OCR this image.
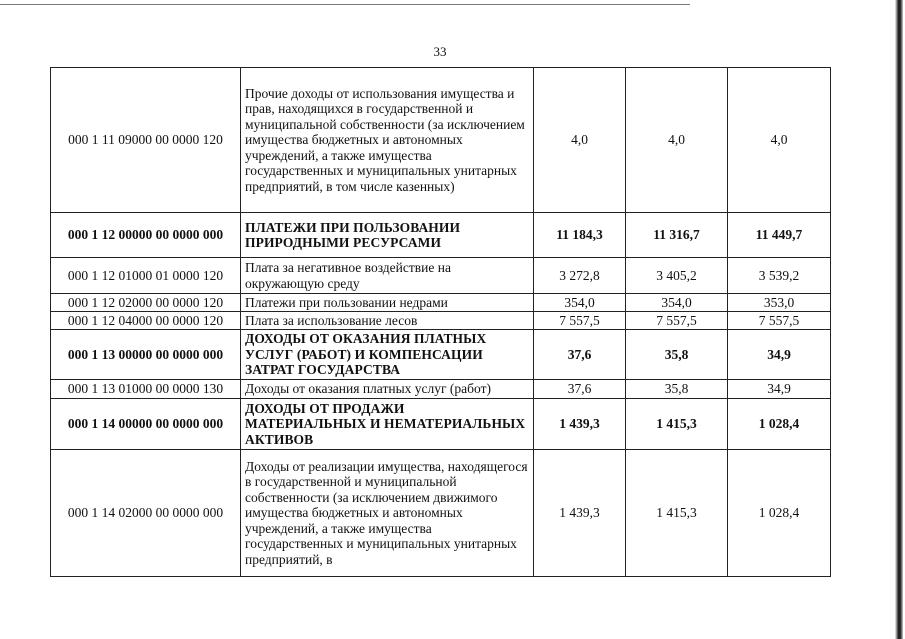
33
000 1 11 09000 00 0000 120	Прочие доходы от использования имущества и прав, находящихся в государственной и муниципальной собственности (за исключением имущества бюджетных и автономных учреждений, а также имущества государственных и муниципальных унитарных предприятий, в том числе казенных)	4,0	4,0	4,0
000 1 12 00000 00 0000 000	ПЛАТЕЖИ ПРИ ПОЛЬЗОВАНИИ ПРИРОДНЫМИ РЕСУРСАМИ	11 184,3	11 316,7	11 449,7
000 1 12 01000 01 0000 120	Плата за негативное воздействие на окружающую среду	3 272,8	3 405,2	3 539,2
000 1 12 02000 00 0000 120	Платежи при пользовании недрами	354,0	354,0	353,0
000 1 12 04000 00 0000 120	Плата за использование лесов	7 557,5	7 557,5	7 557,5
000 1 13 00000 00 0000 000	ДОХОДЫ ОТ ОКАЗАНИЯ ПЛАТНЫХ УСЛУГ (РАБОТ) И КОМПЕНСАЦИИ ЗАТРАТ ГОСУДАРСТВА	37,6	35,8	34,9
000 1 13 01000 00 0000 130	Доходы от оказания платных услуг (работ)	37,6	35,8	34,9
000 1 14 00000 00 0000 000	ДОХОДЫ ОТ ПРОДАЖИ МАТЕРИАЛЬНЫХ И НЕМАТЕРИАЛЬНЫХ АКТИВОВ	1 439,3	1 415,3	1 028,4
000 1 14 02000 00 0000 000	Доходы от реализации имущества, находящегося в государственной и муниципальной собственности (за исключением движимого имущества бюджетных и автономных учреждений, а также имущества государственных и муниципальных унитарных предприятий, в	1 439,3	1 415,3	1 028,4
